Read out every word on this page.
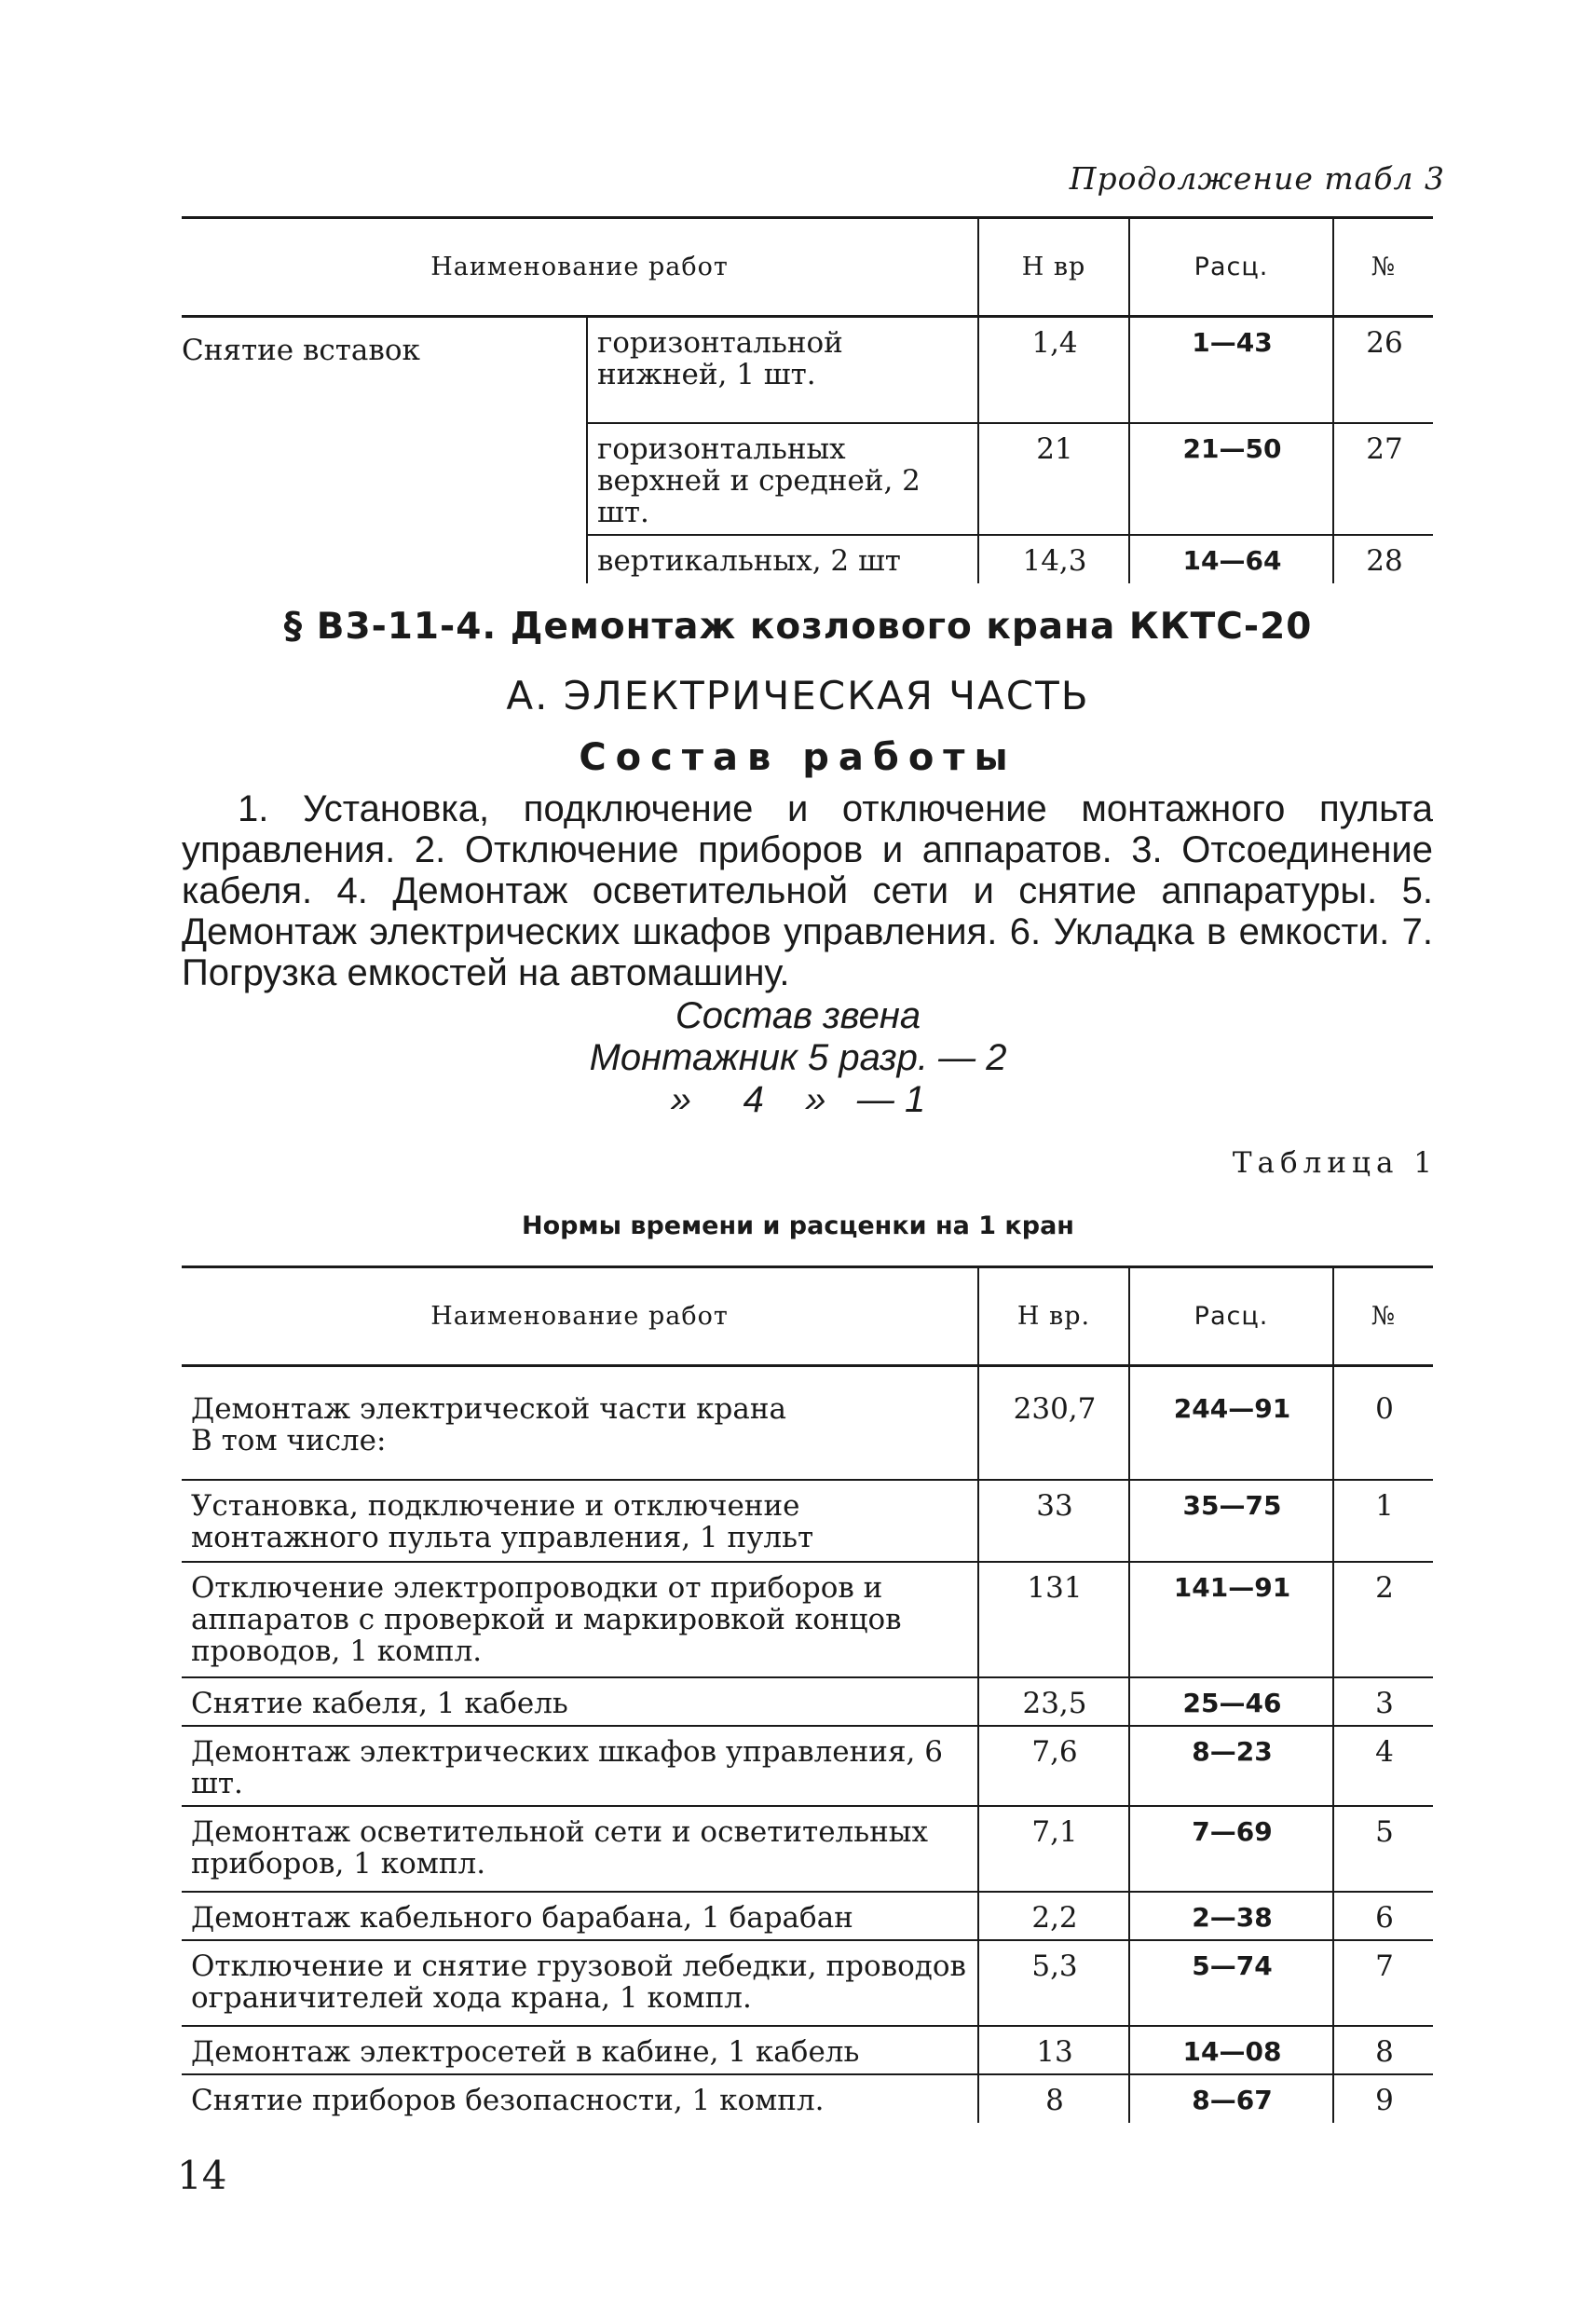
Продолжение табл 3
Наименование работ		Н вр	Расц.	№
Снятие вставок	горизонтальной нижней, 1 шт.	1,4	1—43	26
	горизонтальных верхней и средней, 2 шт.	21	21—50	27
	вертикальных, 2 шт	14,3	14—64	28
§ В3-11-4. Демонтаж козлового крана ККТС-20
А. ЭЛЕКТРИЧЕСКАЯ ЧАСТЬ
Состав работы

1. Установка, подключение и отключение монтажного пульта управления. 2. Отключение приборов и аппаратов. 3. Отсоединение кабеля. 4. Демонтаж осветительной сети и снятие аппаратуры. 5. Демонтаж электрических шкафов управления. 6. Укладка в емкости. 7. Погрузка емкостей на автомашину.

Состав звена
Монтажник 5 разр. — 2
»     4    »   — 1
Таблица 1
Нормы времени и расценки на 1 кран
Наименование работ	Н вр.	Расц.	№

Демонтаж электрической части крана
В том числе:	230,7	244—91	0
Установка, подключение и отключение монтажного пульта управления, 1 пульт	33	35—75	1
Отключение электропроводки от приборов и аппаратов с проверкой и маркировкой концов проводов, 1 компл.	131	141—91	2
Снятие кабеля, 1 кабель	23,5	25—46	3
Демонтаж электрических шкафов управления, 6 шт.	7,6	8—23	4
Демонтаж осветительной сети и осветительных приборов, 1 компл.	7,1	7—69	5
Демонтаж кабельного барабана, 1 барабан	2,2	2—38	6
Отключение и снятие грузовой лебедки, проводов ограничителей хода крана, 1 компл.	5,3	5—74	7
Демонтаж электросетей в кабине, 1 кабель	13	14—08	8
Снятие приборов безопасности, 1 компл.	8	8—67	9
14
